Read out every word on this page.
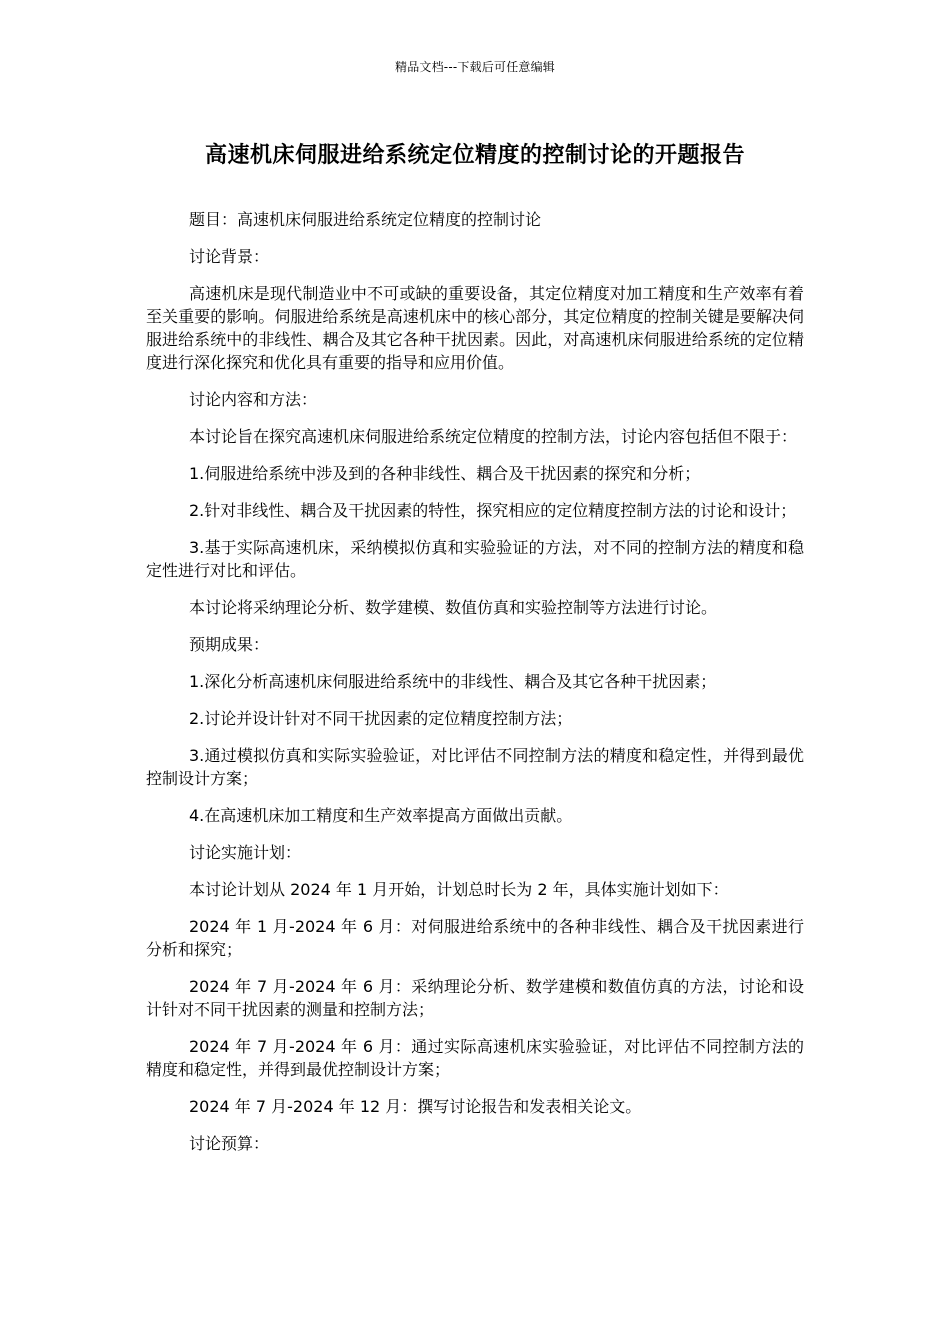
精品文档---下载后可任意编辑
高速机床伺服进给系统定位精度的控制讨论的开题报告

题目：高速机床伺服进给系统定位精度的控制讨论

讨论背景：

高速机床是现代制造业中不可或缺的重要设备，其定位精度对加工精度和生产效率有着至关重要的影响。伺服进给系统是高速机床中的核心部分，其定位精度的控制关键是要解决伺服进给系统中的非线性、耦合及其它各种干扰因素。因此，对高速机床伺服进给系统的定位精度进行深化探究和优化具有重要的指导和应用价值。

讨论内容和方法：

本讨论旨在探究高速机床伺服进给系统定位精度的控制方法，讨论内容包括但不限于：

1.伺服进给系统中涉及到的各种非线性、耦合及干扰因素的探究和分析；

2.针对非线性、耦合及干扰因素的特性，探究相应的定位精度控制方法的讨论和设计；

3.基于实际高速机床，采纳模拟仿真和实验验证的方法，对不同的控制方法的精度和稳定性进行对比和评估。

本讨论将采纳理论分析、数学建模、数值仿真和实验控制等方法进行讨论。

预期成果：

1.深化分析高速机床伺服进给系统中的非线性、耦合及其它各种干扰因素；

2.讨论并设计针对不同干扰因素的定位精度控制方法；

3.通过模拟仿真和实际实验验证，对比评估不同控制方法的精度和稳定性，并得到最优控制设计方案；

4.在高速机床加工精度和生产效率提高方面做出贡献。

讨论实施计划：

本讨论计划从 2024 年 1 月开始，计划总时长为 2 年，具体实施计划如下：

2024 年 1 月-2024 年 6 月：对伺服进给系统中的各种非线性、耦合及干扰因素进行分析和探究；

2024 年 7 月-2024 年 6 月：采纳理论分析、数学建模和数值仿真的方法，讨论和设计针对不同干扰因素的测量和控制方法；

2024 年 7 月-2024 年 6 月：通过实际高速机床实验验证，对比评估不同控制方法的精度和稳定性，并得到最优控制设计方案；

2024 年 7 月-2024 年 12 月：撰写讨论报告和发表相关论文。

讨论预算：
